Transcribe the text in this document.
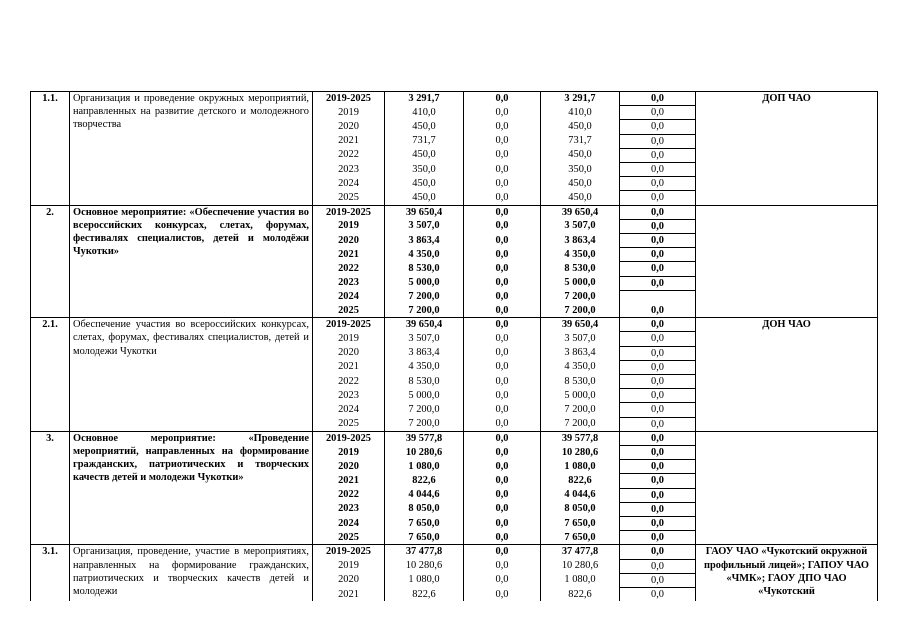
1.1.	Организация и проведение окружных мероприятий, направленных на развитие детского и молодежного творчества	2019-2025	3 291,7	0,0	3 291,7	0,0	ДОП ЧАО
		2019	410,0	0,0	410,0	0,0	
		2020	450,0	0,0	450,0	0,0	
		2021	731,7	0,0	731,7	0,0	
		2022	450,0	0,0	450,0	0,0	
		2023	350,0	0,0	350,0	0,0	
		2024	450,0	0,0	450,0	0,0	
		2025	450,0	0,0	450,0	0,0	
2.	Основное мероприятие: «Обеспечение участия во всероссийских конкурсах, слетах, форумах, фестивалях специалистов, детей и молодёжи Чукотки»	2019-2025	39 650,4	0,0	39 650,4	0,0	
		2019	3 507,0	0,0	3 507,0	0,0	
		2020	3 863,4	0,0	3 863,4	0,0	
		2021	4 350,0	0,0	4 350,0	0,0	
		2022	8 530,0	0,0	8 530,0	0,0	
		2023	5 000,0	0,0	5 000,0	0,0	
		2024	7 200,0	0,0	7 200,0		
		2025	7 200,0	0,0	7 200,0	0,0	
2.1.	Обеспечение участия во всероссийских конкурсах, слетах, форумах, фестивалях специалистов, детей и молодежи Чукотки	2019-2025	39 650,4	0,0	39 650,4	0,0	ДОН ЧАО
		2019	3 507,0	0,0	3 507,0	0,0	
		2020	3 863,4	0,0	3 863,4	0,0	
		2021	4 350,0	0,0	4 350,0	0,0	
		2022	8 530,0	0,0	8 530,0	0,0	
		2023	5 000,0	0,0	5 000,0	0,0	
		2024	7 200,0	0,0	7 200,0	0,0	
		2025	7 200,0	0,0	7 200,0	0,0	
3.	Основное мероприятие: «Проведение мероприятий, направленных на формирование гражданских, патриотических и творческих качеств детей и молодежи Чукотки»	2019-2025	39 577,8	0,0	39 577,8	0,0	
		2019	10 280,6	0,0	10 280,6	0,0	
		2020	1 080,0	0,0	1 080,0	0,0	
		2021	822,6	0,0	822,6	0,0	
		2022	4 044,6	0,0	4 044,6	0,0	
		2023	8 050,0	0,0	8 050,0	0,0	
		2024	7 650,0	0,0	7 650,0	0,0	
		2025	7 650,0	0,0	7 650,0	0,0	
3.1.	Организация, проведение, участие в мероприятиях, направленных на формирование гражданских, патриотических и творческих качеств детей и молодежи	2019-2025	37 477,8	0,0	37 477,8	0,0	ГАОУ ЧАО «Чукотский окружной профильный лицей»; ГАПОУ ЧАО «ЧМК»; ГАОУ ДПО ЧАО «Чукотский
		2019	10 280,6	0,0	10 280,6	0,0	
		2020	1 080,0	0,0	1 080,0	0,0	
		2021	822,6	0,0	822,6	0,0	
